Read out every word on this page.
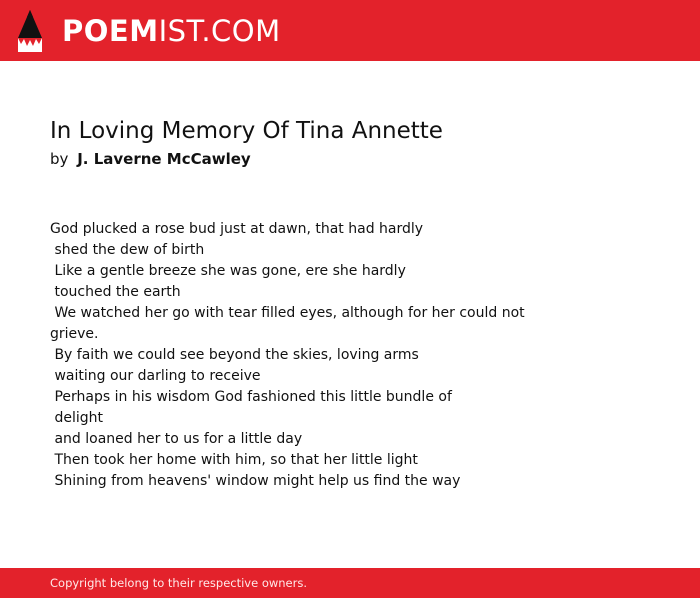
POEMIST.COM
In Loving Memory Of Tina Annette
by J. Laverne McCawley

God plucked a rose bud just at dawn, that had hardly
shed the dew of birth
Like a gentle breeze she was gone, ere she hardly
touched the earth
We watched her go with tear filled eyes, although for her could not
grieve.
By faith we could see beyond the skies, loving arms
waiting our darling to receive
Perhaps in his wisdom God fashioned this little bundle of
delight
and loaned her to us for a little day
Then took her home with him, so that her little light
Shining from heavens' window might help us find the way

Copyright belong to their respective owners.
